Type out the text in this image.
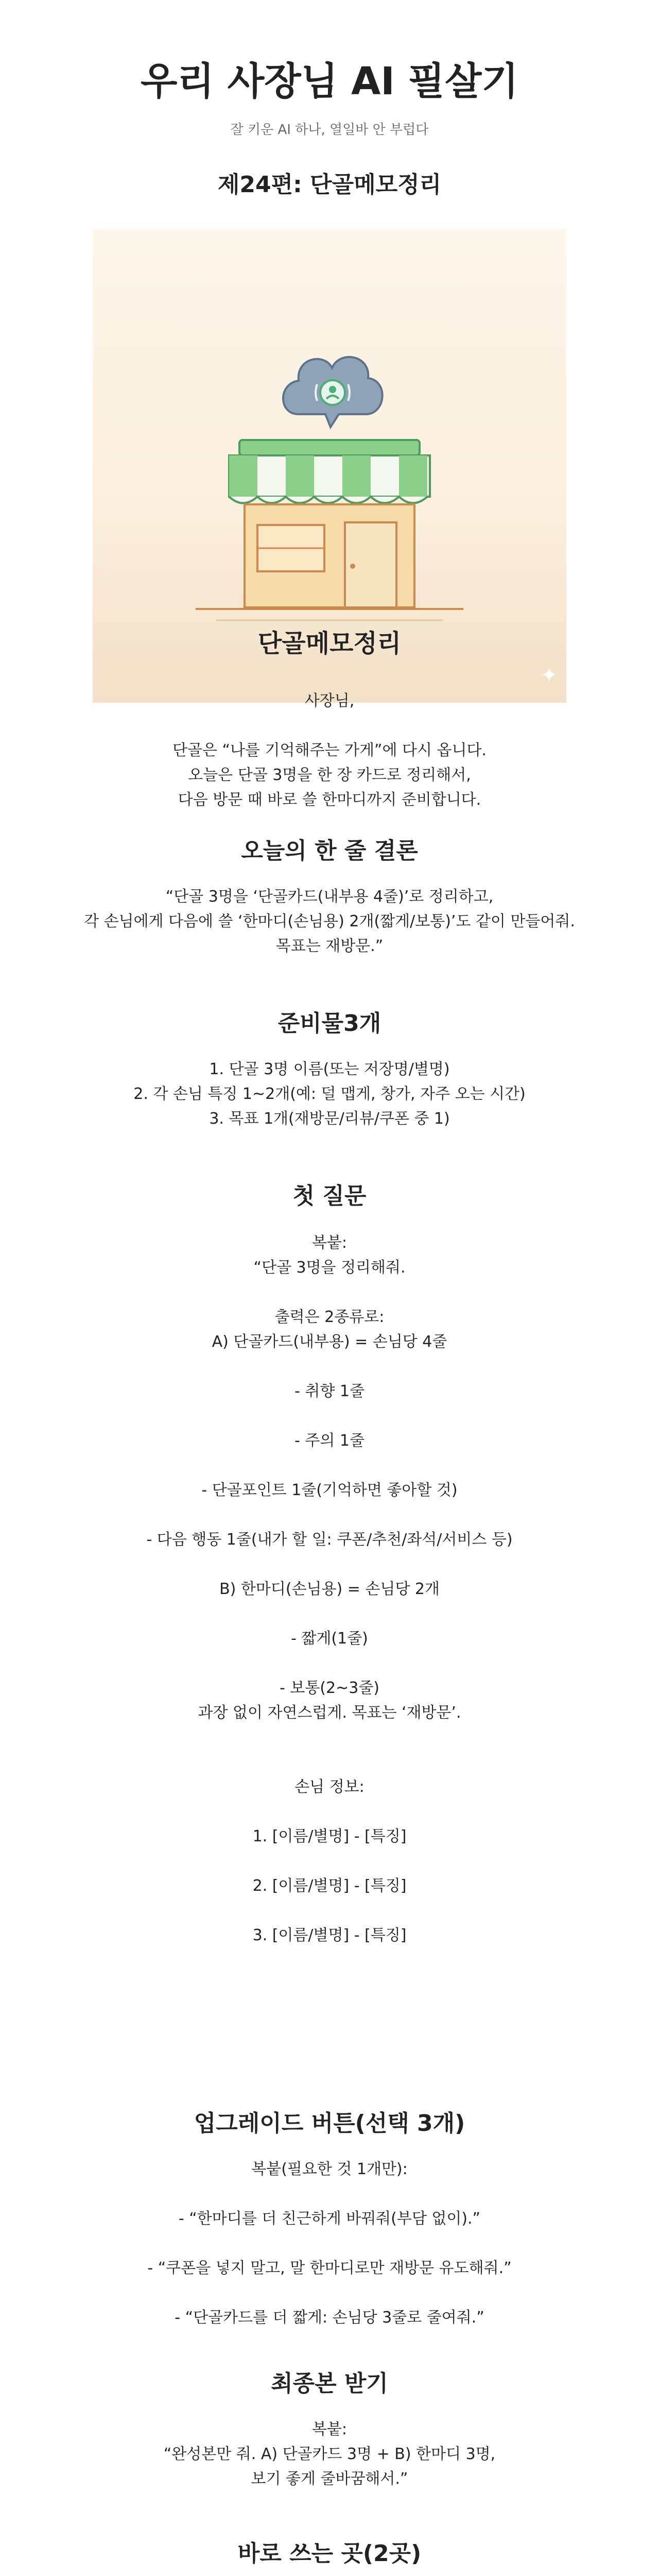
우리 사장님 AI 필살기
잘 키운 AI 하나, 열일바 안 부럽다
제24편: 단골메모정리
✦
단골메모정리

사장님,

단골은 “나를 기억해주는 가게”에 다시 옵니다.

오늘은 단골 3명을 한 장 카드로 정리해서,

다음 방문 때 바로 쓸 한마디까지 준비합니다.

오늘의 한 줄 결론

“단골 3명을 ‘단골카드(내부용 4줄)’로 정리하고,

각 손님에게 다음에 쓸 ‘한마디(손님용) 2개(짧게/보통)’도 같이 만들어줘.

목표는 재방문.”

준비물3개

1. 단골 3명 이름(또는 저장명/별명)

2. 각 손님 특징 1~2개(예: 덜 맵게, 창가, 자주 오는 시간)

3. 목표 1개(재방문/리뷰/쿠폰 중 1)

첫 질문

복붙:

“단골 3명을 정리해줘.

출력은 2종류로:

A) 단골카드(내부용) = 손님당 4줄

- 취향 1줄

- 주의 1줄

- 단골포인트 1줄(기억하면 좋아할 것)

- 다음 행동 1줄(내가 할 일: 쿠폰/추천/좌석/서비스 등)

B) 한마디(손님용) = 손님당 2개

- 짧게(1줄)

- 보통(2~3줄)

과장 없이 자연스럽게. 목표는 ‘재방문’.

손님 정보:

1. [이름/별명] - [특징]

2. [이름/별명] - [특징]

3. [이름/별명] - [특징]

업그레이드 버튼(선택 3개)

복붙(필요한 것 1개만):

- “한마디를 더 친근하게 바꿔줘(부담 없이).”

- “쿠폰을 넣지 말고, 말 한마디로만 재방문 유도해줘.”

- “단골카드를 더 짧게: 손님당 3줄로 줄여줘.”

최종본 받기

복붙:

“완성본만 줘. A) 단골카드 3명 + B) 한마디 3명,

보기 좋게 줄바꿈해서.”

바로 쓰는 곳(2곳)
